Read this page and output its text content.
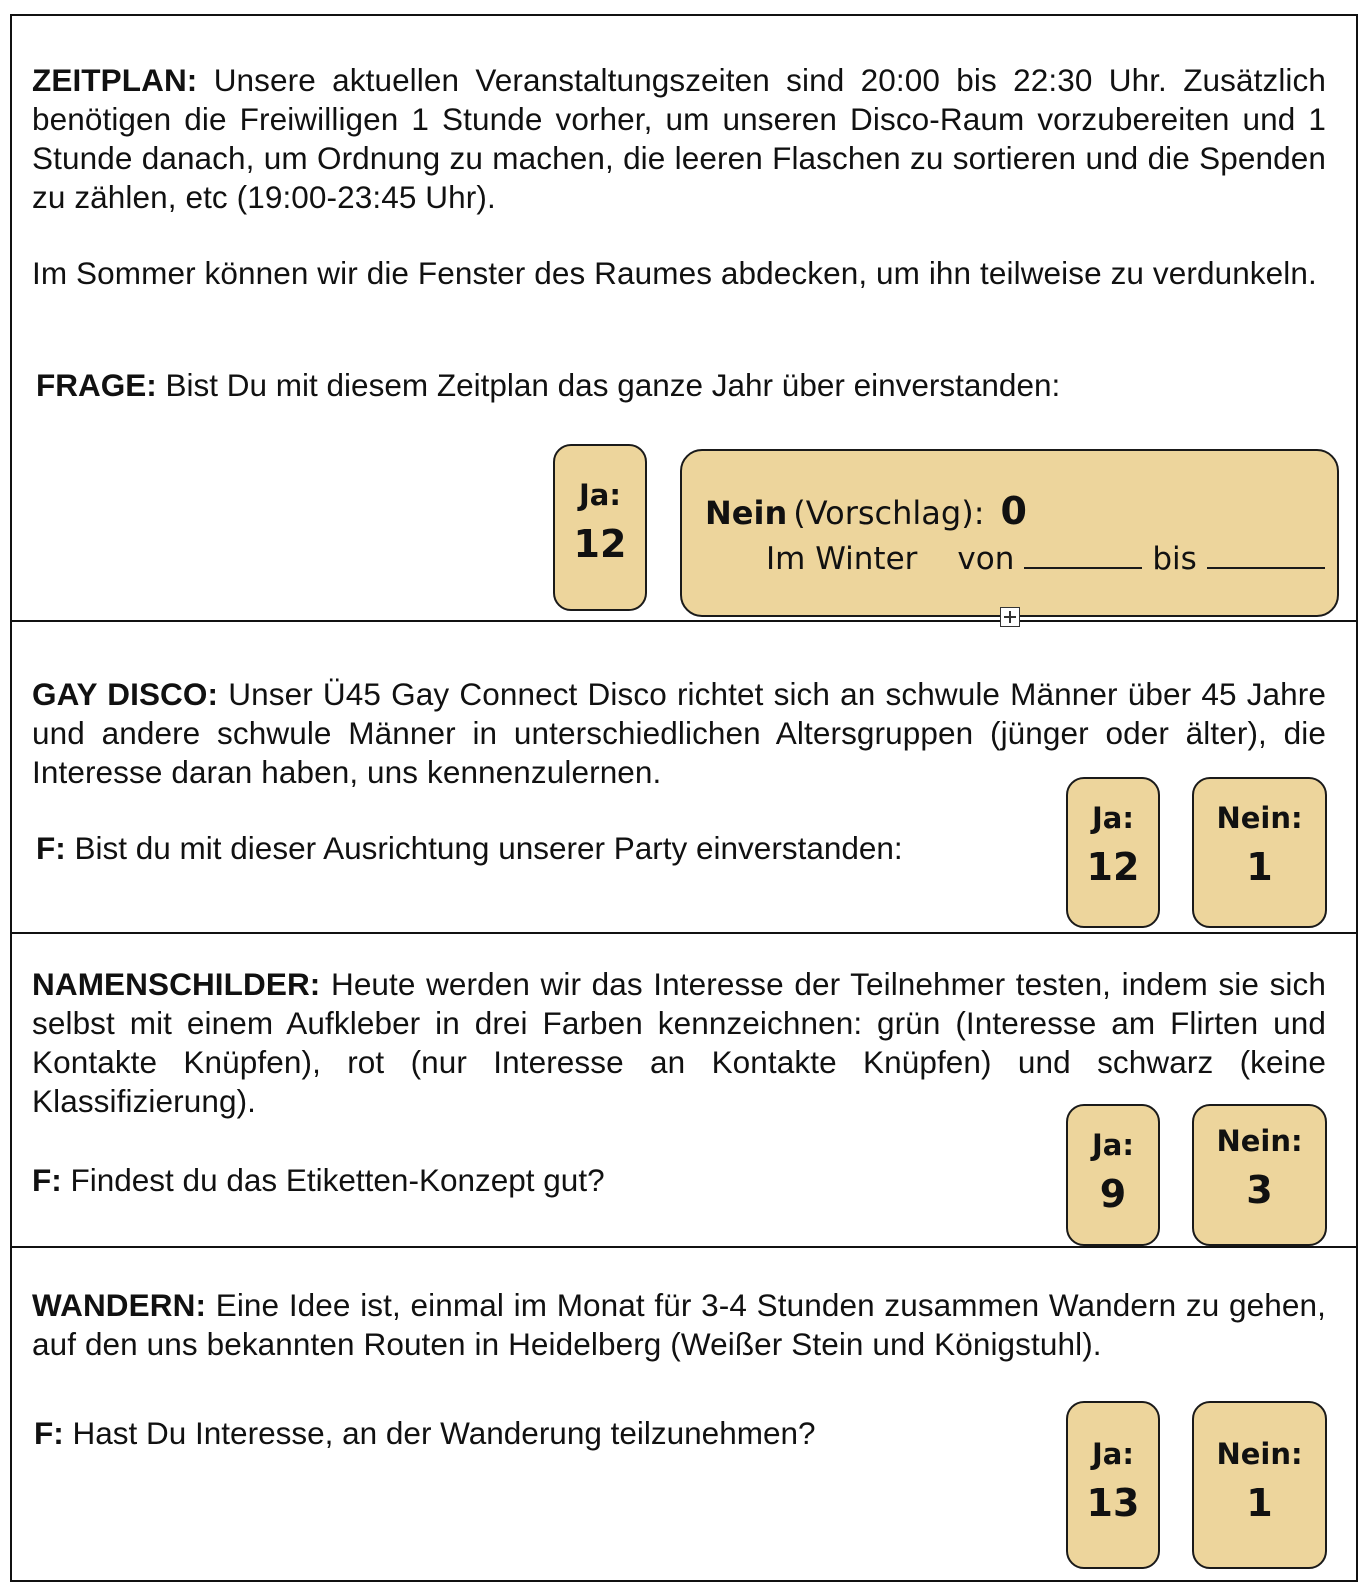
ZEITPLAN: Unsere aktuellen Veranstaltungszeiten sind 20:00 bis 22:30 Uhr. Zusätzlich benötigen die Freiwilligen 1 Stunde vorher, um unseren Disco-Raum vorzubereiten und 1 Stunde danach, um Ordnung zu machen, die leeren Flaschen zu sortieren und die Spenden zu zählen, etc (19:00-23:45 Uhr).
Im Sommer können wir die Fenster des Raumes abdecken, um ihn teilweise zu verdunkeln.
FRAGE: Bist Du mit diesem Zeitplan das ganze Jahr über einverstanden:
Ja:
12
Nein (Vorschlag): 0
Im Winter von	bis
GAY DISCO: Unser Ü45 Gay Connect Disco richtet sich an schwule Männer über 45 Jahre und andere schwule Männer in unterschiedlichen Altersgruppen (jünger oder älter), die Interesse daran haben, uns kennenzulernen.
F: Bist du mit dieser Ausrichtung unserer Party einverstanden:
Ja:
12
Nein:
1
NAMENSCHILDER: Heute werden wir das Interesse der Teilnehmer testen, indem sie sich selbst mit einem Aufkleber in drei Farben kennzeichnen: grün (Interesse am Flirten und Kontakte Knüpfen), rot (nur Interesse an Kontakte Knüpfen) und schwarz (keine Klassifizierung).
F: Findest du das Etiketten-Konzept gut?
Ja:
9
Nein:
3
WANDERN: Eine Idee ist, einmal im Monat für 3-4 Stunden zusammen Wandern zu gehen, auf den uns bekannten Routen in Heidelberg (Weißer Stein und Königstuhl).
F: Hast Du Interesse, an der Wanderung teilzunehmen?
Ja:
13
Nein:
1
